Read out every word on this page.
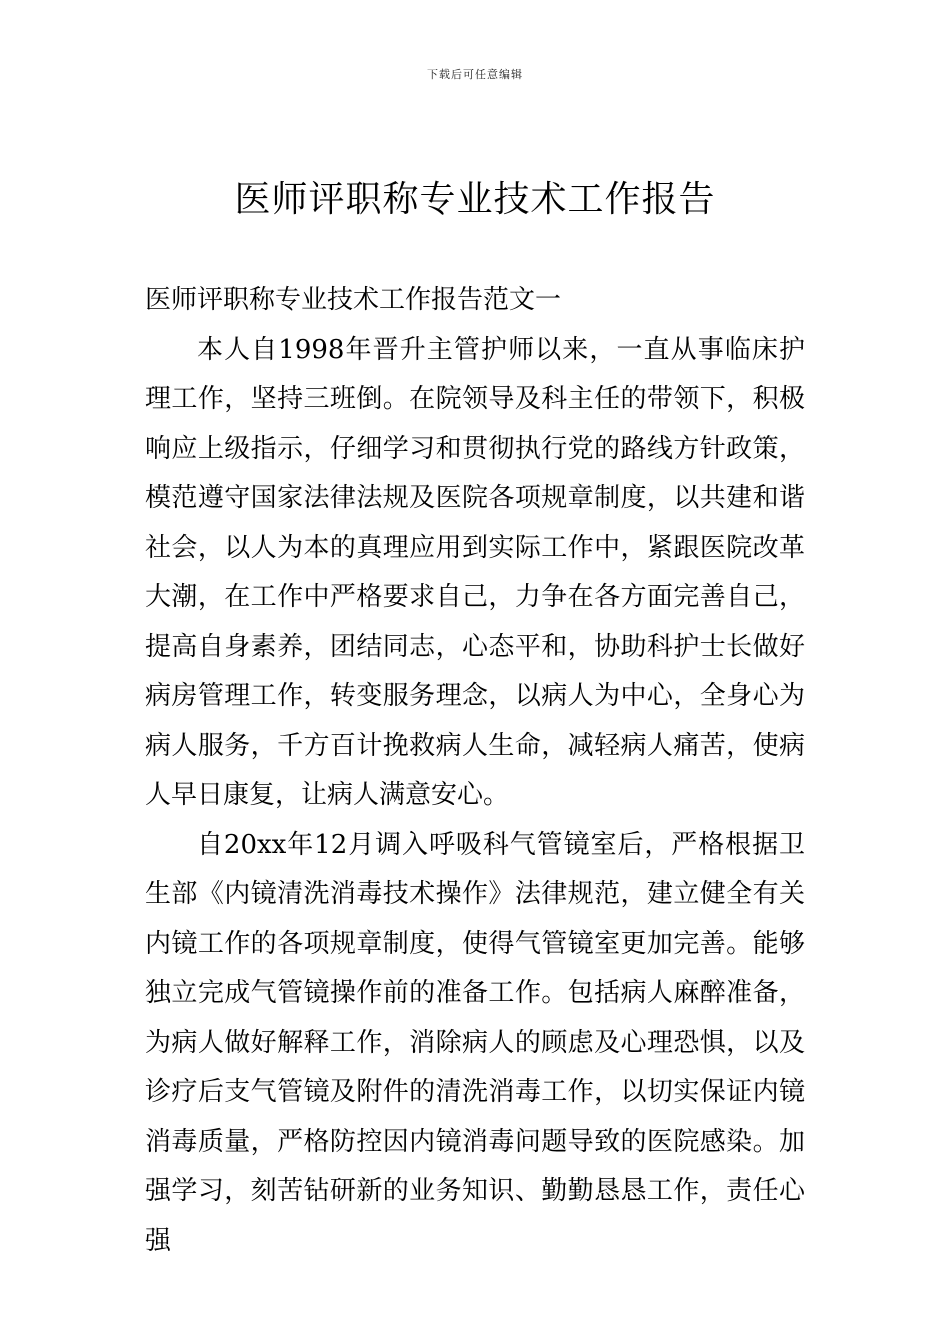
下载后可任意编辑
医师评职称专业技术工作报告

医师评职称专业技术工作报告范文一

本人自1998年晋升主管护师以来，一直从事临床护理工作，坚持三班倒。在院领导及科主任的带领下，积极响应上级指示，仔细学习和贯彻执行党的路线方针政策，模范遵守国家法律法规及医院各项规章制度，以共建和谐社会，以人为本的真理应用到实际工作中，紧跟医院改革大潮，在工作中严格要求自己，力争在各方面完善自己，提高自身素养，团结同志，心态平和，协助科护士长做好病房管理工作，转变服务理念，以病人为中心，全身心为病人服务，千方百计挽救病人生命，减轻病人痛苦，使病人早日康复，让病人满意安心。

自20xx年12月调入呼吸科气管镜室后，严格根据卫生部《内镜清洗消毒技术操作》法律规范，建立健全有关内镜工作的各项规章制度，使得气管镜室更加完善。能够独立完成气管镜操作前的准备工作。包括病人麻醉准备，为病人做好解释工作，消除病人的顾虑及心理恐惧，以及诊疗后支气管镜及附件的清洗消毒工作，以切实保证内镜消毒质量，严格防控因内镜消毒问题导致的医院感染。加强学习，刻苦钻研新的业务知识、勤勤恳恳工作，责任心强
